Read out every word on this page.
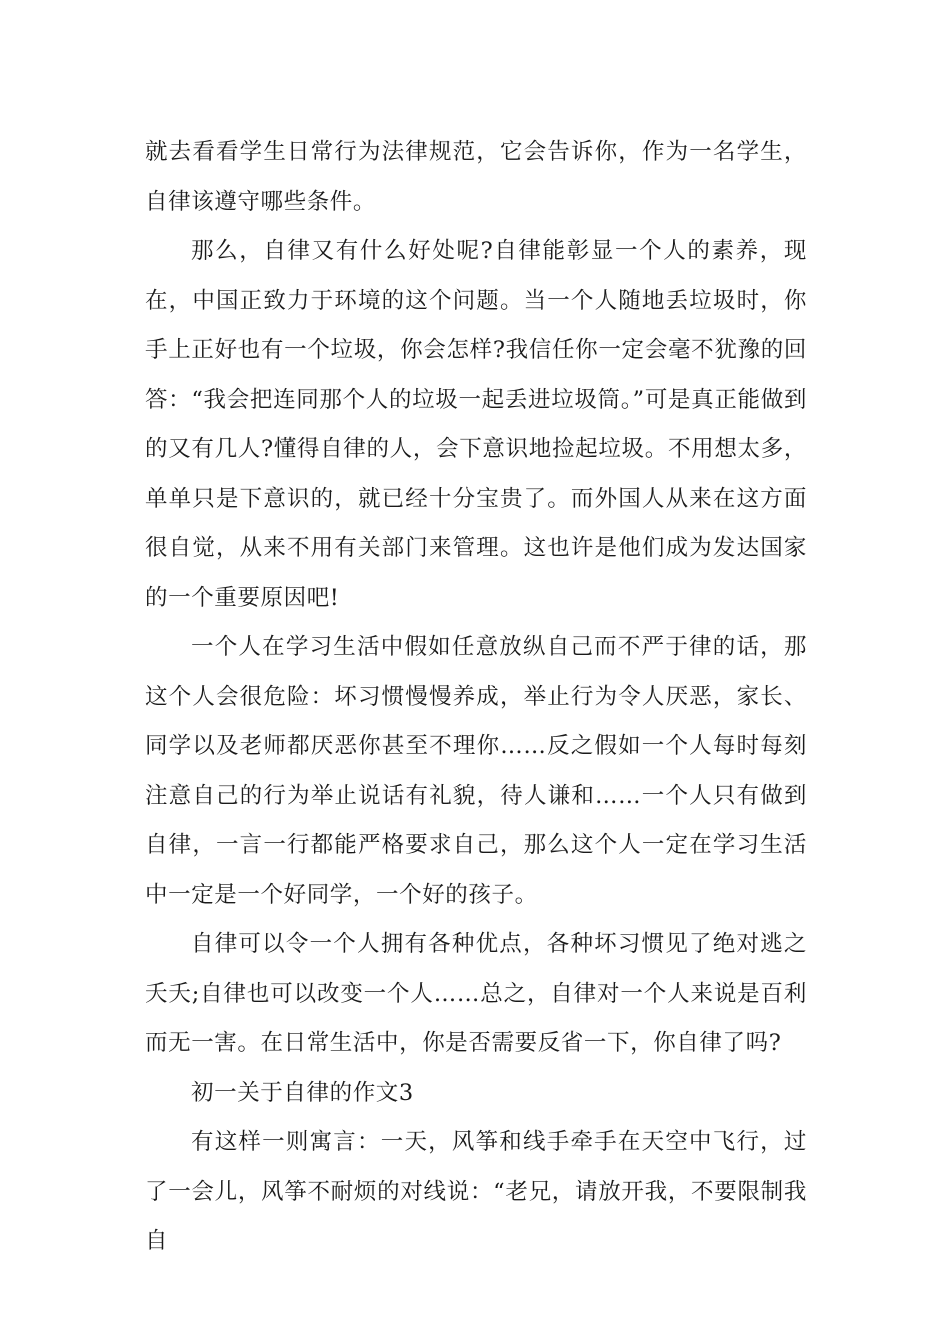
就去看看学生日常行为法律规范，它会告诉你，作为一名学生，自律该遵守哪些条件。

那么，自律又有什么好处呢?自律能彰显一个人的素养，现在，中国正致力于环境的这个问题。当一个人随地丢垃圾时，你手上正好也有一个垃圾，你会怎样?我信任你一定会毫不犹豫的回答：“我会把连同那个人的垃圾一起丢进垃圾筒。”可是真正能做到的又有几人?懂得自律的人，会下意识地捡起垃圾。不用想太多，单单只是下意识的，就已经十分宝贵了。而外国人从来在这方面很自觉，从来不用有关部门来管理。这也许是他们成为发达国家的一个重要原因吧!

一个人在学习生活中假如任意放纵自己而不严于律的话，那这个人会很危险：坏习惯慢慢养成，举止行为令人厌恶，家长、同学以及老师都厌恶你甚至不理你……反之假如一个人每时每刻注意自己的行为举止说话有礼貌，待人谦和……一个人只有做到自律，一言一行都能严格要求自己，那么这个人一定在学习生活中一定是一个好同学，一个好的孩子。

自律可以令一个人拥有各种优点，各种坏习惯见了绝对逃之夭夭;自律也可以改变一个人……总之，自律对一个人来说是百利而无一害。在日常生活中，你是否需要反省一下，你自律了吗?

初一关于自律的作文3

有这样一则寓言：一天，风筝和线手牵手在天空中飞行，过了一会儿，风筝不耐烦的对线说：“老兄，请放开我，不要限制我自
